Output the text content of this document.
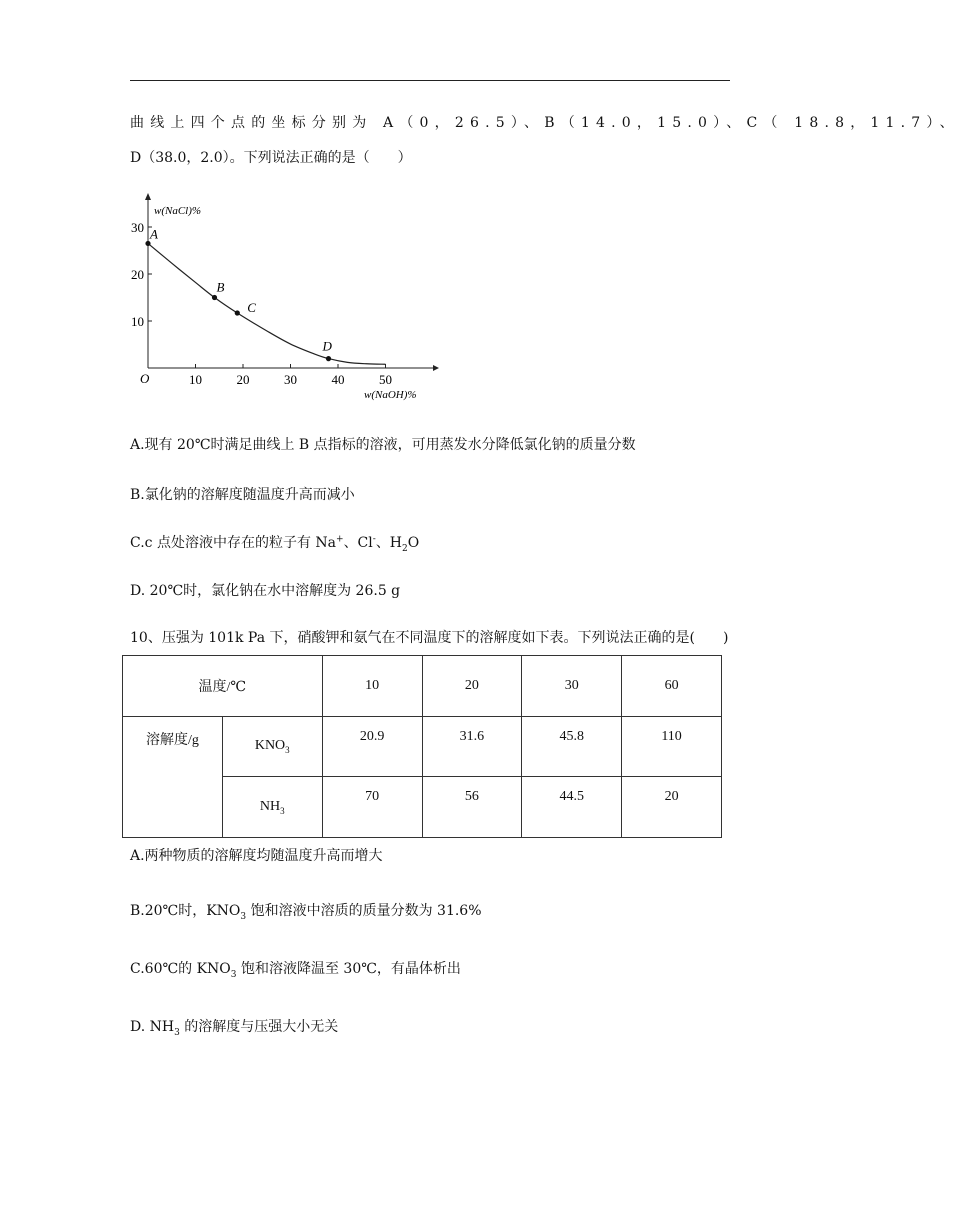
曲线上四个点的坐标分别为 A（0，26.5）、B（14.0，15.0）、C（ 18.8，11.7）、
D（38.0，2.0）。下列说法正确的是（　　）
10	20	30	40	50
30
20
10
A
B
C
D
w(NaCl)%
w(NaOH)%
O
A.现有 20℃时满足曲线上 B 点指标的溶液，可用蒸发水分降低氯化钠的质量分数
B.氯化钠的溶解度随温度升高而减小
C.c 点处溶液中存在的粒子有 Na+、Cl-、$H_2O$
D. 20℃时，氯化钠在水中溶解度为 26.5 g
10、压强为 101k Pa 下，硝酸钾和氨气在不同温度下的溶解度如下表。下列说法正确的是(　　)
温度/℃		10	20	30	60
溶解度/g	$KNO_3$	20.9	31.6	45.8	110
	$NH_3$	70	56	44.5	20
A.两种物质的溶解度均随温度升高而增大
B.20℃时，$KNO_3$ 饱和溶液中溶质的质量分数为 31.6%
C.60℃的 $KNO_3$ 饱和溶液降温至 30℃，有晶体析出
D. $NH_3$ 的溶解度与压强大小无关
